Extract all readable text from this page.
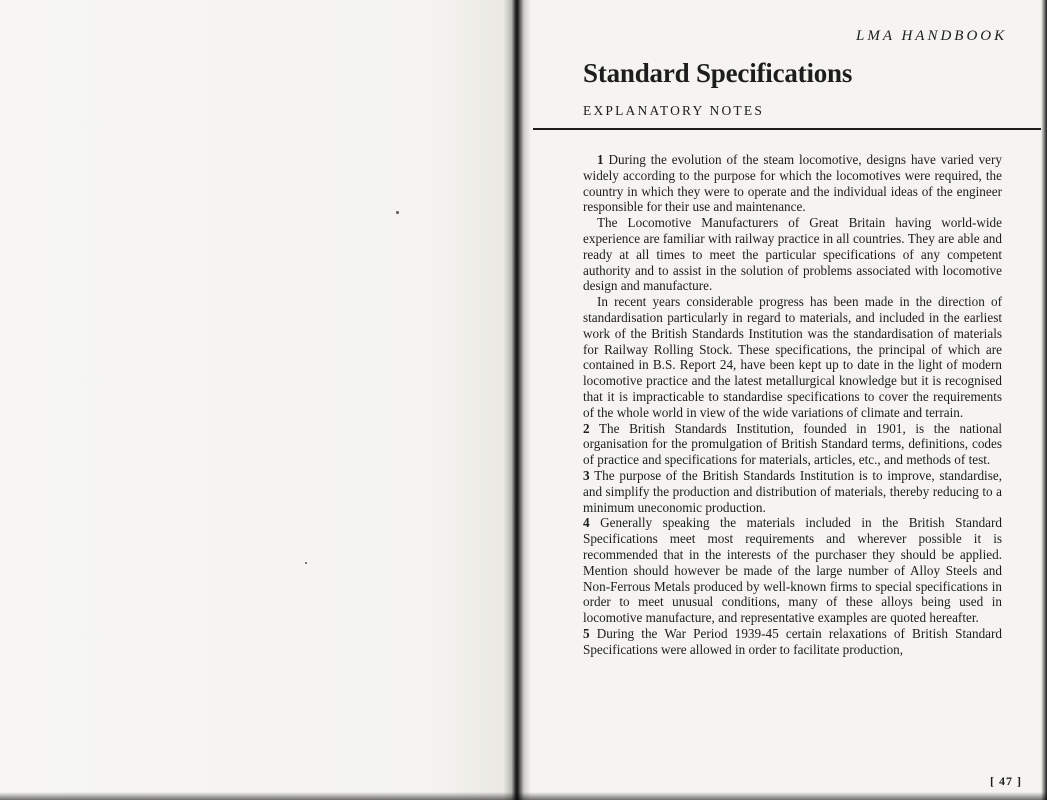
LMA HANDBOOK
Standard Specifications
EXPLANATORY NOTES

1 During the evolution of the steam locomotive, designs have varied very widely according to the purpose for which the locomotives were required, the country in which they were to operate and the individual ideas of the engineer responsible for their use and maintenance.

The Locomotive Manufacturers of Great Britain having world-wide experience are familiar with railway practice in all countries. They are able and ready at all times to meet the particular specifications of any competent authority and to assist in the solution of problems associated with locomotive design and manufacture.

In recent years considerable progress has been made in the direction of standardisation particularly in regard to materials, and included in the earliest work of the British Standards Institution was the standardisation of materials for Railway Rolling Stock. These specifications, the principal of which are contained in B.S. Report 24, have been kept up to date in the light of modern locomotive practice and the latest metallurgical knowledge but it is recognised that it is impracticable to standardise specifications to cover the requirements of the whole world in view of the wide variations of climate and terrain.

2 The British Standards Institution, founded in 1901, is the national organisation for the promulgation of British Standard terms, definitions, codes of practice and specifications for materials, articles, etc., and methods of test.

3 The purpose of the British Standards Institution is to improve, standardise, and simplify the production and distribution of materials, thereby reducing to a minimum uneconomic production.

4 Generally speaking the materials included in the British Standard Specifications meet most requirements and wherever possible it is recommended that in the interests of the purchaser they should be applied. Mention should however be made of the large number of Alloy Steels and Non-Ferrous Metals produced by well-known firms to special specifications in order to meet unusual conditions, many of these alloys being used in locomotive manufacture, and representative examples are quoted hereafter.

5 During the War Period 1939-45 certain relaxations of British Standard Specifications were allowed in order to facilitate production,

[ 47 ]
